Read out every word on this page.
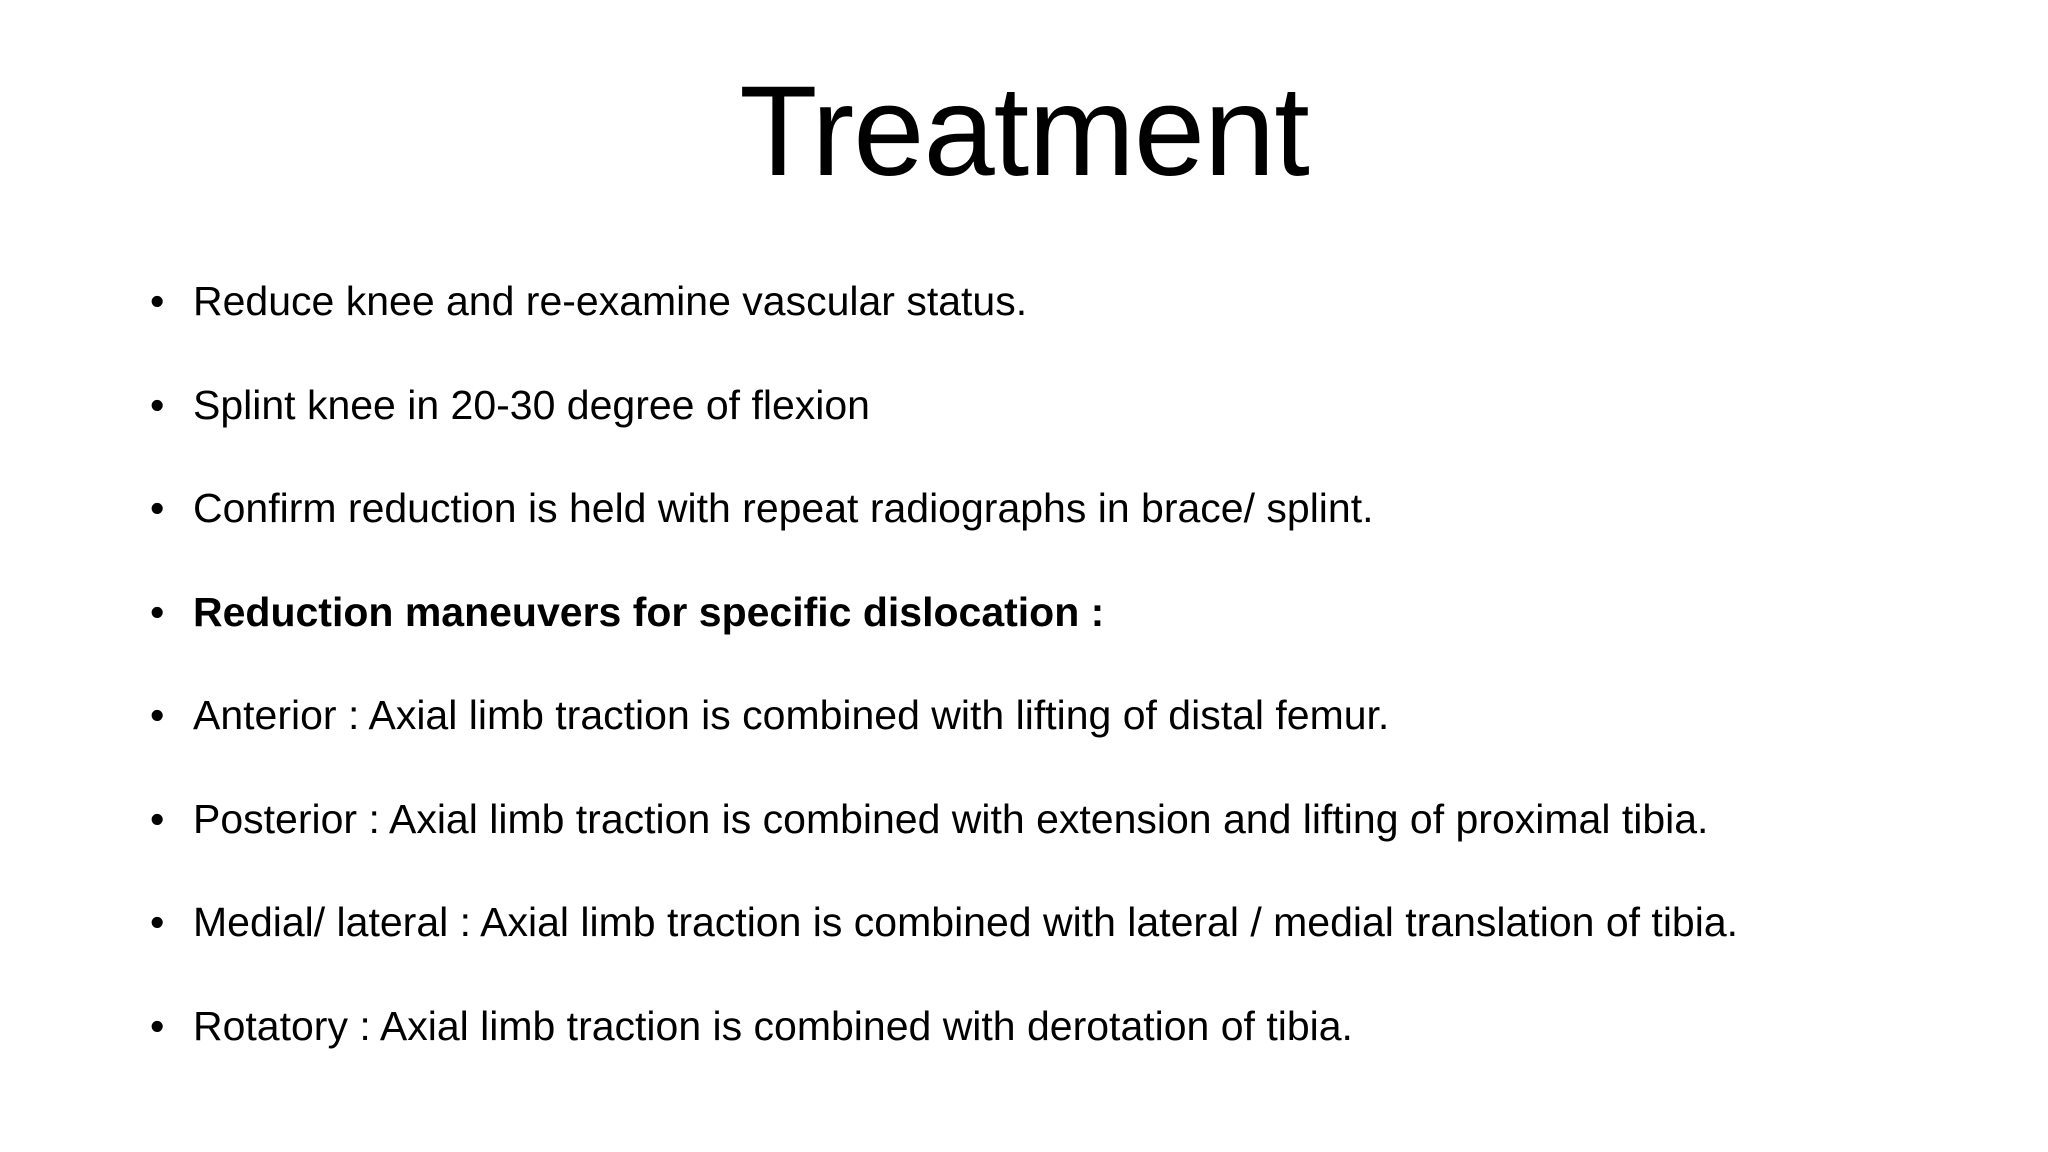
Treatment
• Reduce knee and re-examine vascular status.
• Splint knee in 20-30 degree of flexion
• Confirm reduction is held with repeat radiographs in brace/ splint.
• Reduction maneuvers for specific dislocation :
• Anterior : Axial limb traction is combined with lifting of distal femur.
• Posterior : Axial limb traction is combined with extension and lifting of proximal tibia.
• Medial/ lateral : Axial limb traction is combined with lateral / medial translation of tibia.
• Rotatory : Axial limb traction is combined with derotation of tibia.
